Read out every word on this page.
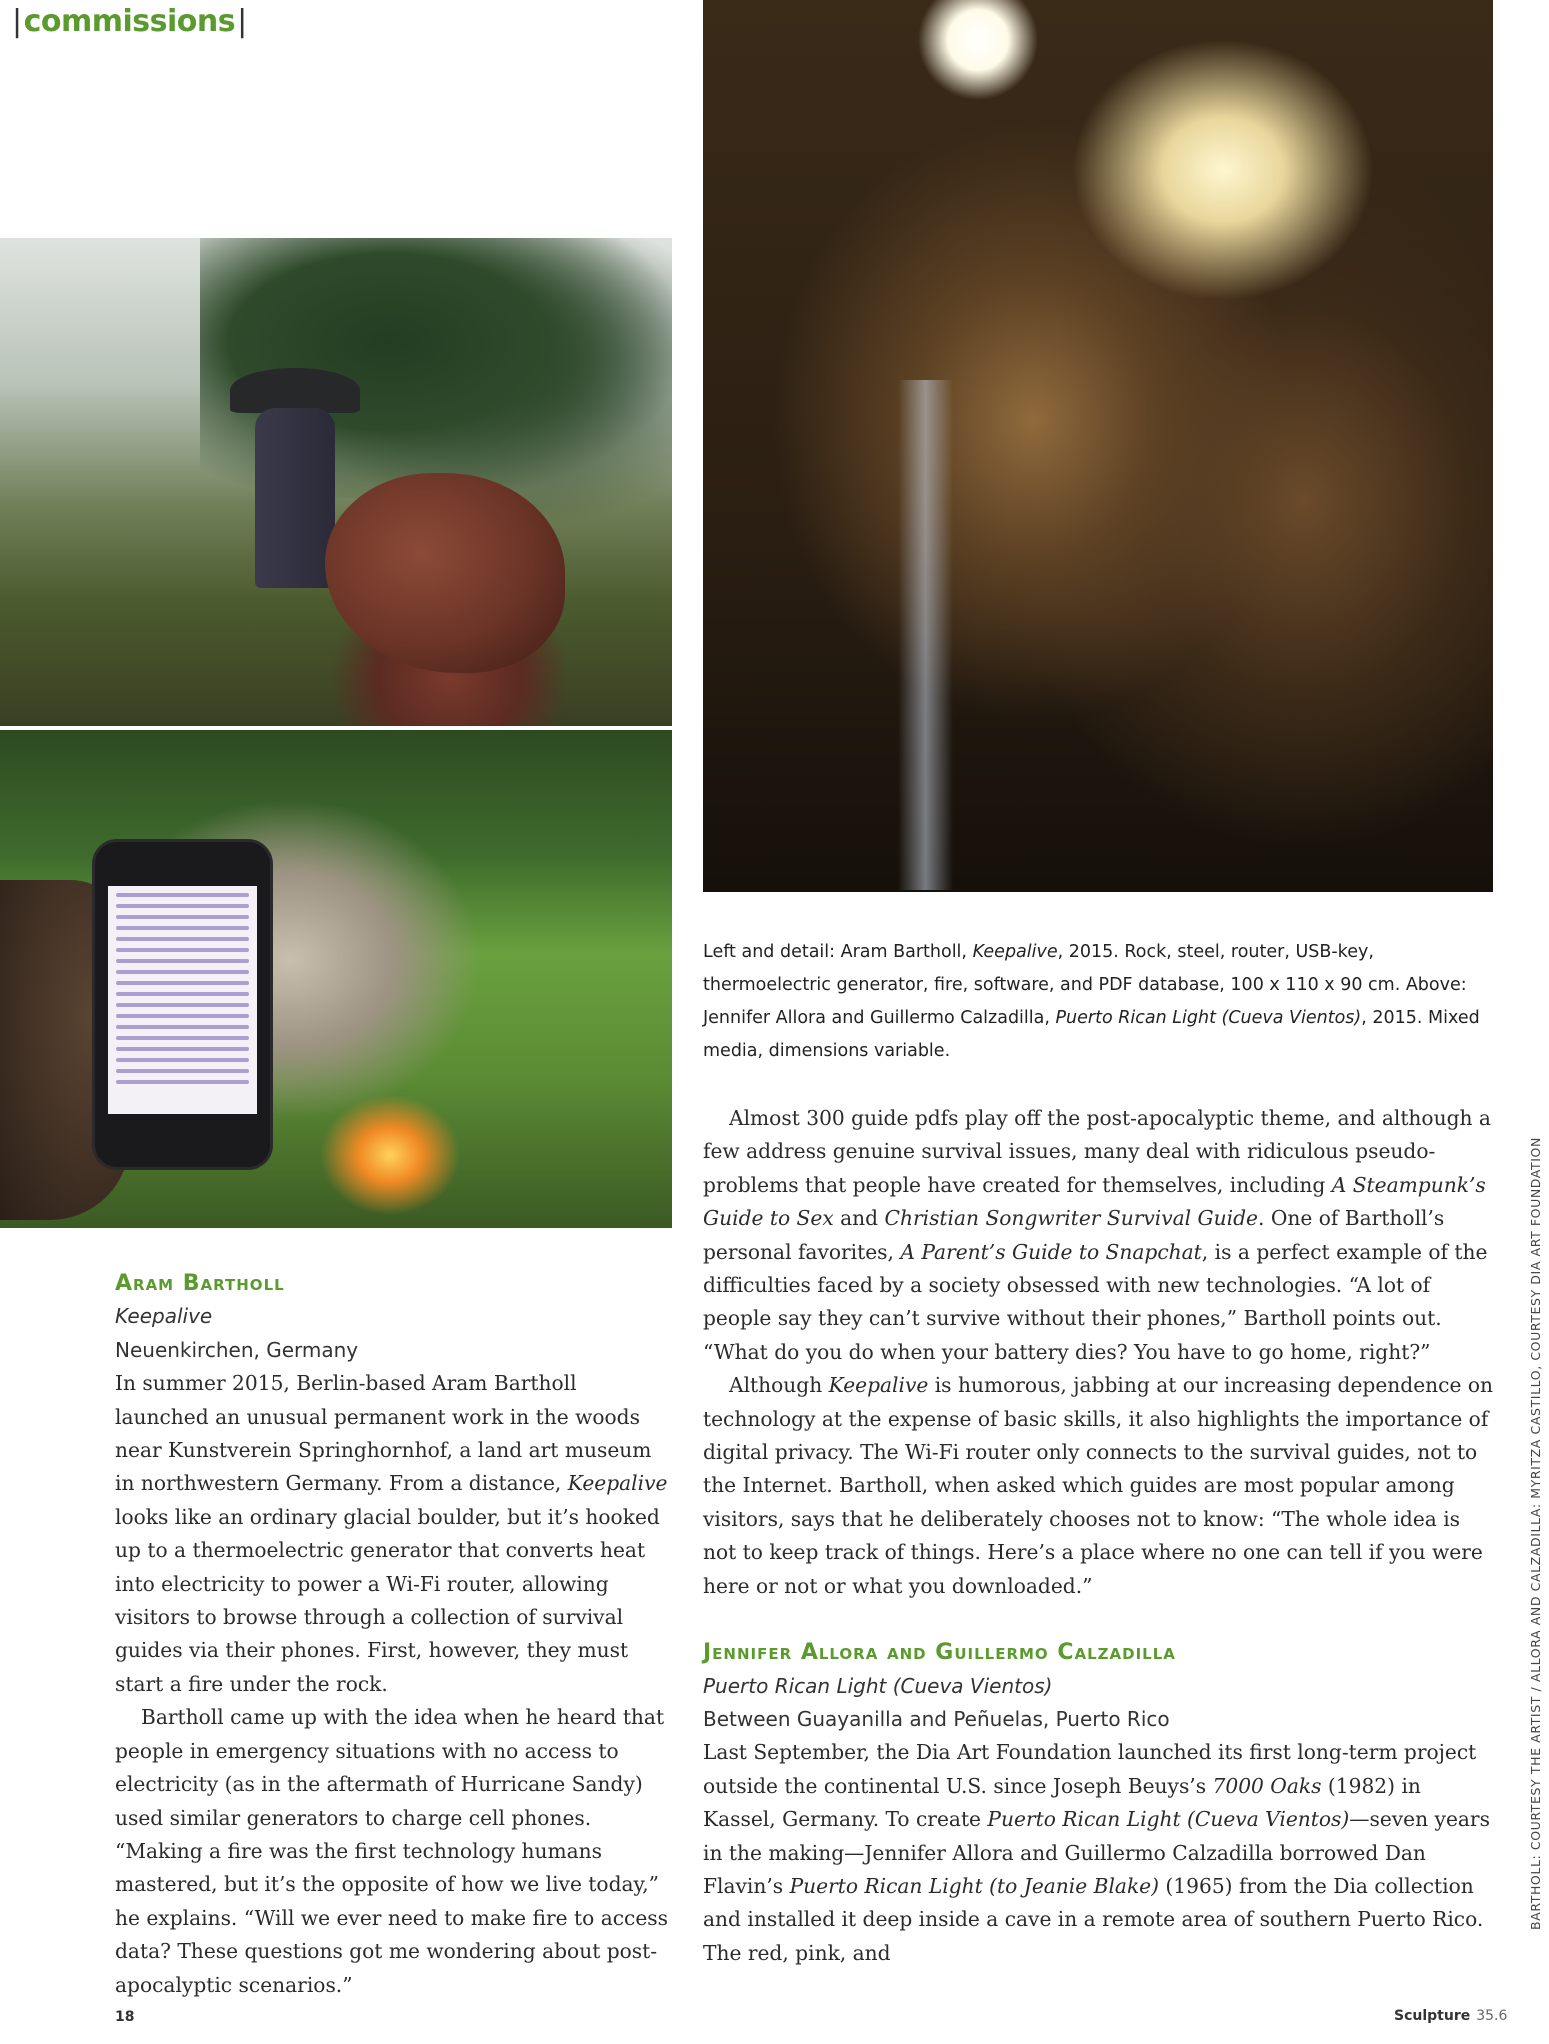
|commissions|
Left and detail: Aram Bartholl, Keepalive, 2015. Rock, steel, router, USB-key, thermoelectric generator, fire, software, and PDF database, 100 x 110 x 90 cm. Above: Jennifer Allora and Guillermo Calzadilla, Puerto Rican Light (Cueva Vientos), 2015. Mixed media, dimensions variable.
BARTHOLL: COURTESY THE ARTIST / ALLORA AND CALZADILLA: MYRITZA CASTILLO, COURTESY DIA ART FOUNDATION
Aram Bartholl
Keepalive
Neuenkirchen, Germany

In summer 2015, Berlin-based Aram Bartholl launched an unusual permanent work in the woods near Kunstverein Springhornhof, a land art museum in northwestern Germany. From a distance, Keepalive looks like an ordinary glacial boulder, but it’s hooked up to a thermoelectric generator that converts heat into electricity to power a Wi-Fi router, allowing visitors to browse through a collection of survival guides via their phones. First, however, they must start a fire under the rock.

Bartholl came up with the idea when he heard that people in emergency situations with no access to electricity (as in the aftermath of Hurricane Sandy) used similar generators to charge cell phones. “Making a fire was the first technology humans mastered, but it’s the opposite of how we live today,” he explains. “Will we ever need to make fire to access data? These questions got me wondering about post-apocalyptic scenarios.”

Almost 300 guide pdfs play off the post-apocalyptic theme, and although a few address genuine survival issues, many deal with ridiculous pseudo-problems that people have created for themselves, including A Steampunk’s Guide to Sex and Christian Songwriter Survival Guide. One of Bartholl’s personal favorites, A Parent’s Guide to Snapchat, is a perfect example of the difficulties faced by a society obsessed with new technologies. “A lot of people say they can’t survive without their phones,” Bartholl points out. “What do you do when your battery dies? You have to go home, right?”

Although Keepalive is humorous, jabbing at our increasing dependence on technology at the expense of basic skills, it also highlights the importance of digital privacy. The Wi-Fi router only connects to the survival guides, not to the Internet. Bartholl, when asked which guides are most popular among visitors, says that he deliberately chooses not to know: “The whole idea is not to keep track of things. Here’s a place where no one can tell if you were here or not or what you downloaded.”

Jennifer Allora and Guillermo Calzadilla
Puerto Rican Light (Cueva Vientos)
Between Guayanilla and Peñuelas, Puerto Rico

Last September, the Dia Art Foundation launched its first long-term project outside the continental U.S. since Joseph Beuys’s 7000 Oaks (1982) in Kassel, Germany. To create Puerto Rican Light (Cueva Vientos)—seven years in the making—Jennifer Allora and Guillermo Calzadilla borrowed Dan Flavin’s Puerto Rican Light (to Jeanie Blake) (1965) from the Dia collection and installed it deep inside a cave in a remote area of southern Puerto Rico. The red, pink, and

18	Sculpture 35.6
